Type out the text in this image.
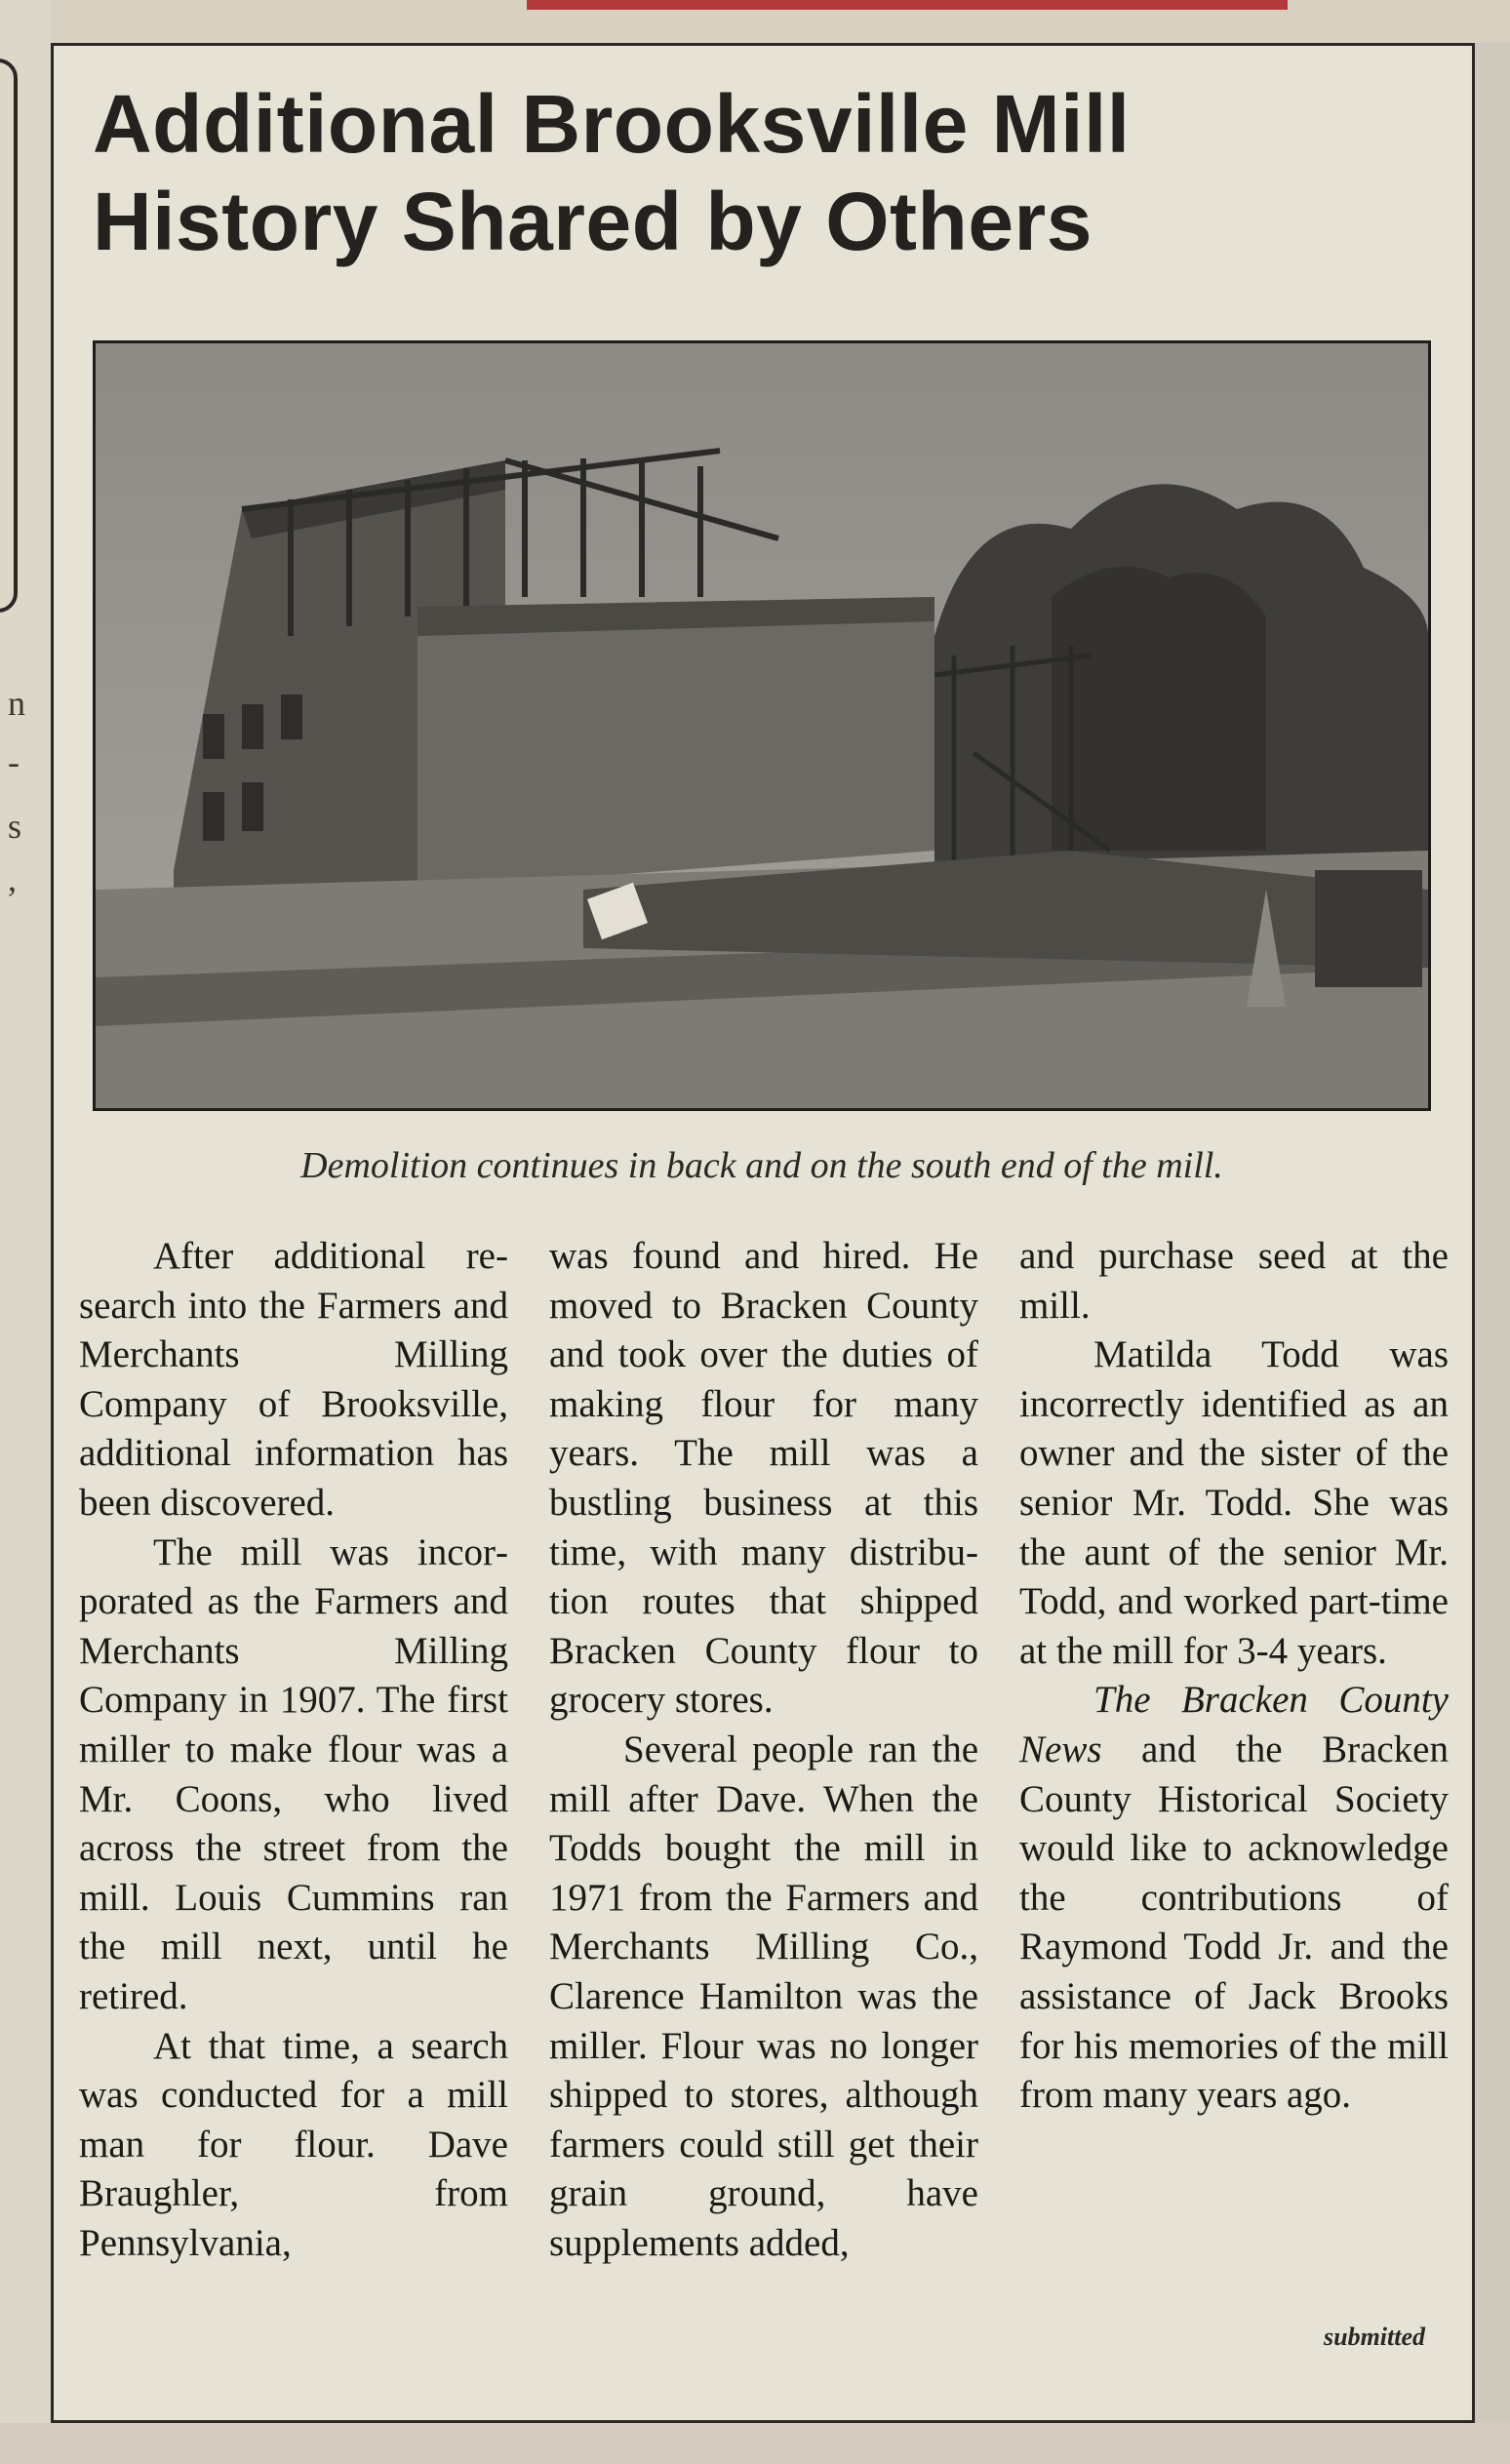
n
-
s
,
Additional Brooksville Mill
History Shared by Others
Demolition continues in back and on the south end of the mill.

After additional research into the Farmers and Merchants Milling Company of Brooksville, additional information has been discovered.

The mill was incorporated as the Farmers and Merchants Milling Company in 1907. The first miller to make flour was a Mr. Coons, who lived across the street from the mill. Louis Cummins ran the mill next, until he retired.

At that time, a search was conducted for a mill man for flour. Dave Braughler, from Pennsylvania,

was found and hired. He moved to Bracken County and took over the duties of making flour for many years. The mill was a bustling business at this time, with many distribution routes that shipped Bracken County flour to grocery stores.

Several people ran the mill after Dave. When the Todds bought the mill in 1971 from the Farmers and Merchants Milling Co., Clarence Hamilton was the miller. Flour was no longer shipped to stores, although farmers could still get their grain ground, have supplements added,

and purchase seed at the mill.

Matilda Todd was incorrectly identified as an owner and the sister of the senior Mr. Todd. She was the aunt of the senior Mr. Todd, and worked part-time at the mill for 3-4 years.

The Bracken County News and the Bracken County Historical Society would like to acknowledge the contributions of Raymond Todd Jr. and the assistance of Jack Brooks for his memories of the mill from many years ago.

submitted
